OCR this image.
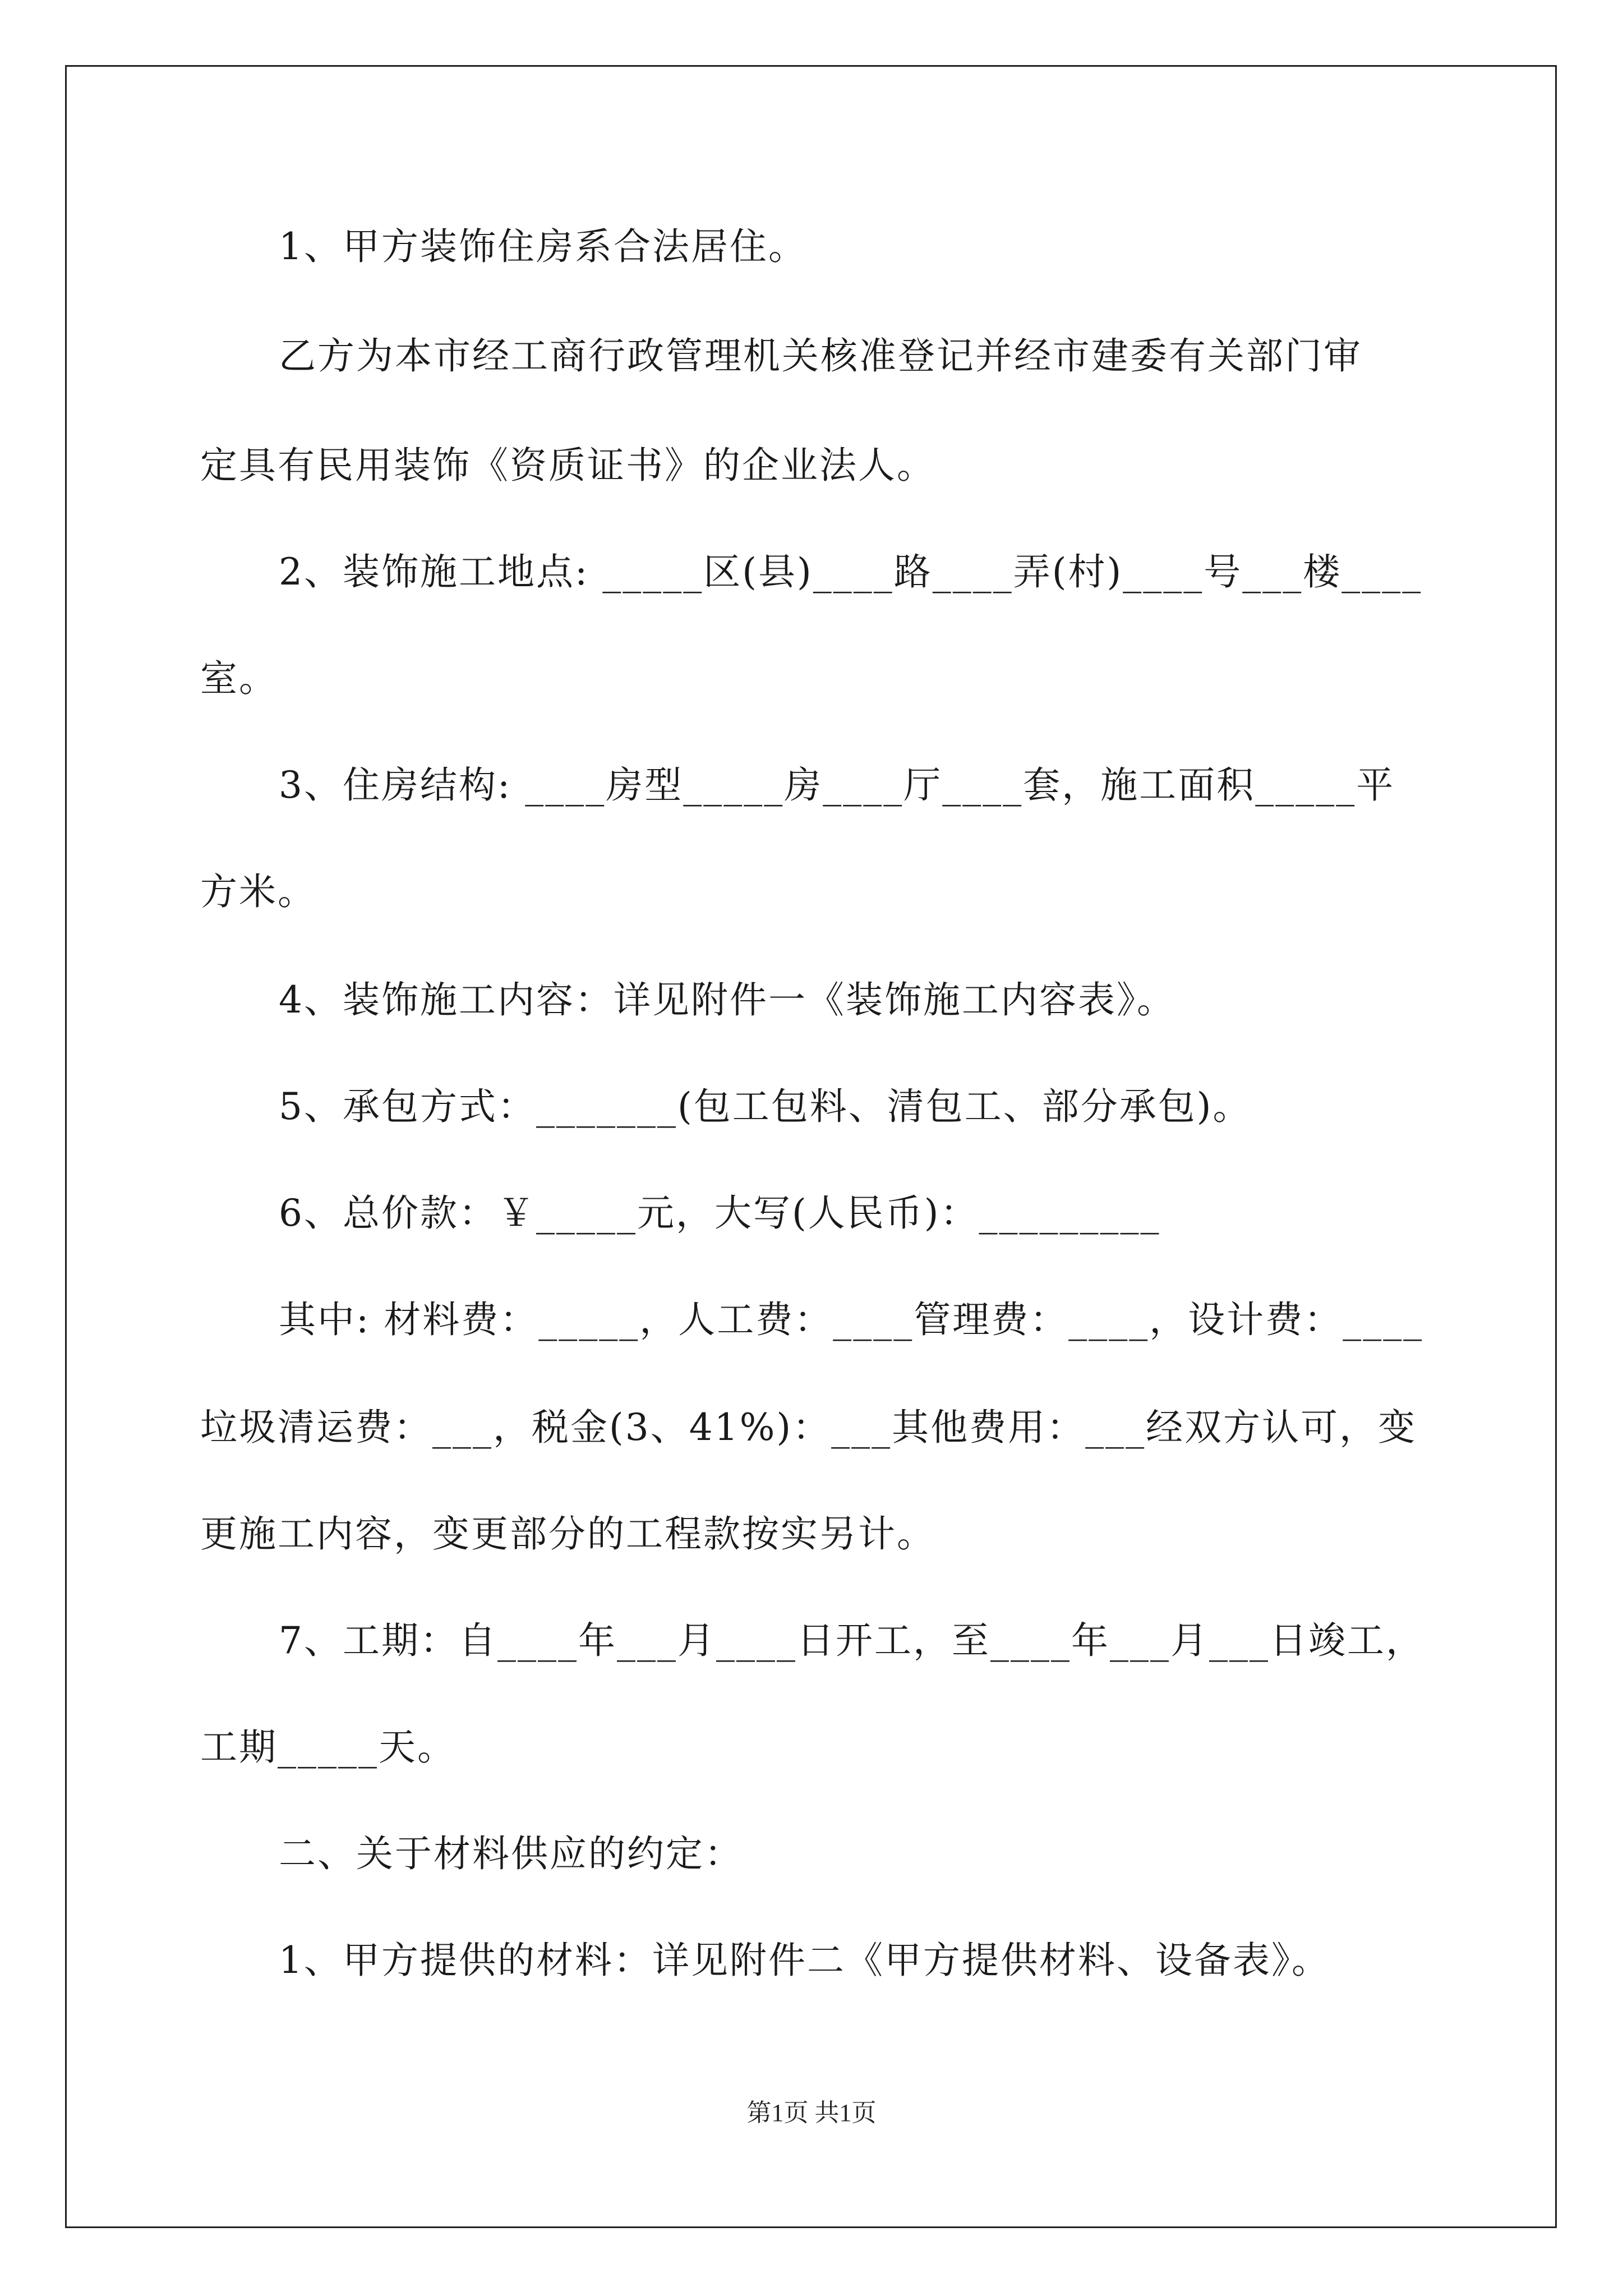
1、甲方装饰住房系合法居住。
乙方为本市经工商行政管理机关核准登记并经市建委有关部门审
定具有民用装饰《资质证书》的企业法人。
2、装饰施工地点: _____区(县)____路____弄(村)____号___楼____
室。
3、住房结构: ____房型_____房____厅____套，施工面积_____平
方米。
4、装饰施工内容：详见附件一《装饰施工内容表》。
5、承包方式：_______(包工包料、清包工、部分承包)。
6、总价款：￥_____元，大写(人民币)：_________
其中: 材料费：_____，人工费：____管理费：____，设计费：____
垃圾清运费：___，税金(3、41%)：___其他费用：___经双方认可，变
更施工内容，变更部分的工程款按实另计。
7、工期：自____年___月____日开工，至____年___月___日竣工，
工期_____天。
二、关于材料供应的约定：
1、甲方提供的材料：详见附件二《甲方提供材料、设备表》。
第1页 共1页
